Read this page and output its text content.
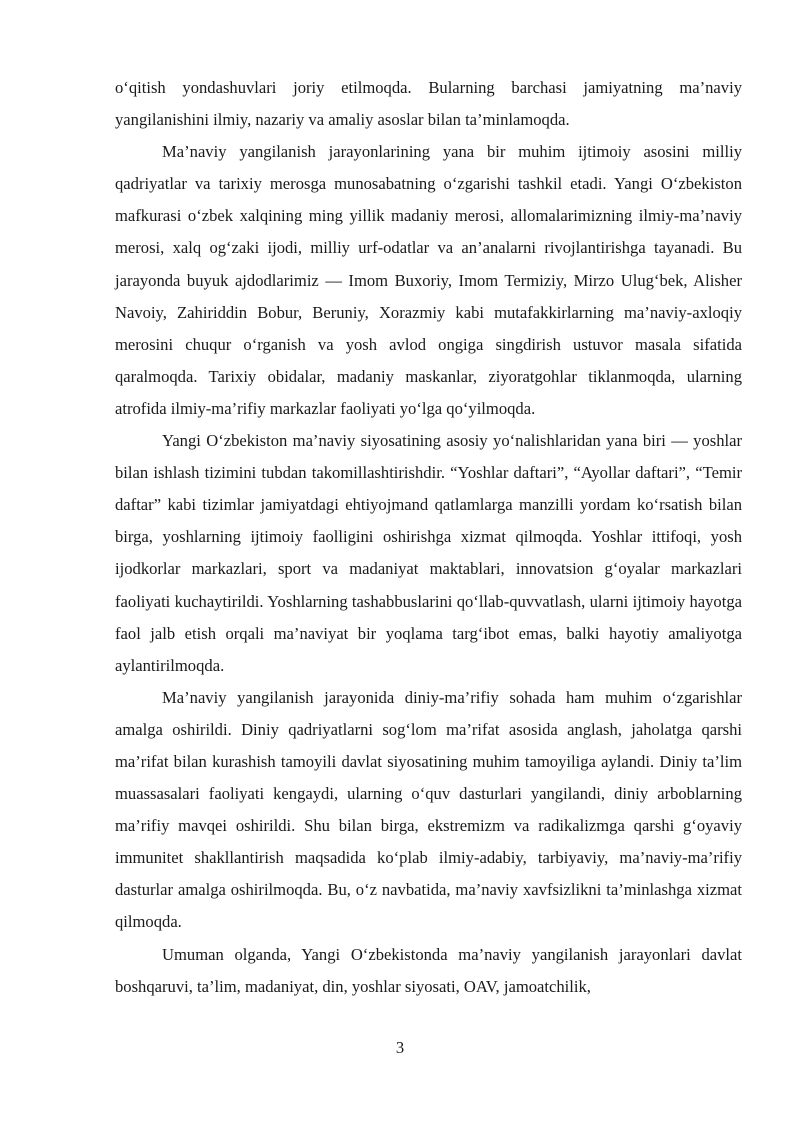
o‘qitish yondashuvlari joriy etilmoqda. Bularning barchasi jamiyatning ma’naviy yangilanishini ilmiy, nazariy va amaliy asoslar bilan ta’minlamoqda.

Ma’naviy yangilanish jarayonlarining yana bir muhim ijtimoiy asosini milliy qadriyatlar va tarixiy merosga munosabatning o‘zgarishi tashkil etadi. Yangi O‘zbekiston mafkurasi o‘zbek xalqining ming yillik madaniy merosi, allomalarimizning ilmiy-ma’naviy merosi, xalq og‘zaki ijodi, milliy urf-odatlar va an’analarni rivojlantirishga tayanadi. Bu jarayonda buyuk ajdodlarimiz — Imom Buxoriy, Imom Termiziy, Mirzo Ulug‘bek, Alisher Navoiy, Zahiriddin Bobur, Beruniy, Xorazmiy kabi mutafakkirlarning ma’naviy-axloqiy merosini chuqur o‘rganish va yosh avlod ongiga singdirish ustuvor masala sifatida qaralmoqda. Tarixiy obidalar, madaniy maskanlar, ziyoratgohlar tiklanmoqda, ularning atrofida ilmiy-ma’rifiy markazlar faoliyati yo‘lga qo‘yilmoqda.

Yangi O‘zbekiston ma’naviy siyosatining asosiy yo‘nalishlaridan yana biri — yoshlar bilan ishlash tizimini tubdan takomillashtirishdir. “Yoshlar daftari”, “Ayollar daftari”, “Temir daftar” kabi tizimlar jamiyatdagi ehtiyojmand qatlamlarga manzilli yordam ko‘rsatish bilan birga, yoshlarning ijtimoiy faolligini oshirishga xizmat qilmoqda. Yoshlar ittifoqi, yosh ijodkorlar markazlari, sport va madaniyat maktablari, innovatsion g‘oyalar markazlari faoliyati kuchaytirildi. Yoshlarning tashabbuslarini qo‘llab-quvvatlash, ularni ijtimoiy hayotga faol jalb etish orqali ma’naviyat bir yoqlama targ‘ibot emas, balki hayotiy amaliyotga aylantirilmoqda.

Ma’naviy yangilanish jarayonida diniy-ma’rifiy sohada ham muhim o‘zgarishlar amalga oshirildi. Diniy qadriyatlarni sog‘lom ma’rifat asosida anglash, jaholatga qarshi ma’rifat bilan kurashish tamoyili davlat siyosatining muhim tamoyiliga aylandi. Diniy ta’lim muassasalari faoliyati kengaydi, ularning o‘quv dasturlari yangilandi, diniy arboblarning ma’rifiy mavqei oshirildi. Shu bilan birga, ekstremizm va radikalizmga qarshi g‘oyaviy immunitet shakllantirish maqsadida ko‘plab ilmiy-adabiy, tarbiyaviy, ma’naviy-ma’rifiy dasturlar amalga oshirilmoqda. Bu, o‘z navbatida, ma’naviy xavfsizlikni ta’minlashga xizmat qilmoqda.

Umuman olganda, Yangi O‘zbekistonda ma’naviy yangilanish jarayonlari davlat boshqaruvi, ta’lim, madaniyat, din, yoshlar siyosati, OAV, jamoatchilik,

3
